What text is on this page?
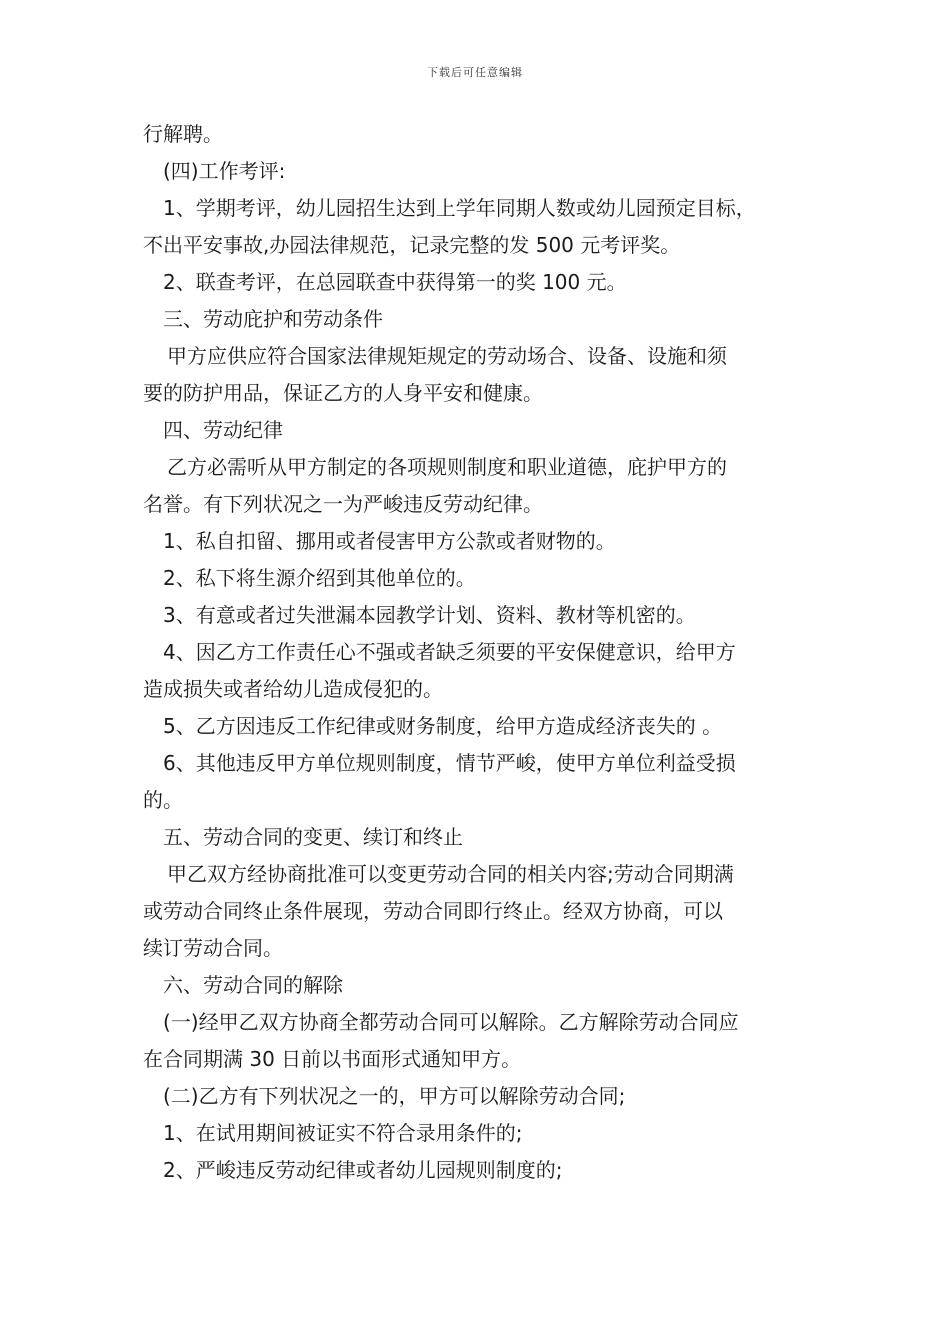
下载后可任意编辑
行解聘。
(四)工作考评:
1、学期考评，幼儿园招生达到上学年同期人数或幼儿园预定目标，
不出平安事故,办园法律规范，记录完整的发 500 元考评奖。
2、联查考评，在总园联查中获得第一的奖 100 元。
三、劳动庇护和劳动条件
甲方应供应符合国家法律规矩规定的劳动场合、设备、设施和须
要的防护用品，保证乙方的人身平安和健康。
四、劳动纪律
乙方必需听从甲方制定的各项规则制度和职业道德，庇护甲方的
名誉。有下列状况之一为严峻违反劳动纪律。
1、私自扣留、挪用或者侵害甲方公款或者财物的。
2、私下将生源介绍到其他单位的。
3、有意或者过失泄漏本园教学计划、资料、教材等机密的。
4、因乙方工作责任心不强或者缺乏须要的平安保健意识，给甲方
造成损失或者给幼儿造成侵犯的。
5、乙方因违反工作纪律或财务制度，给甲方造成经济丧失的 。
6、其他违反甲方单位规则制度，情节严峻，使甲方单位利益受损
的。
五、劳动合同的变更、续订和终止
甲乙双方经协商批准可以变更劳动合同的相关内容;劳动合同期满
或劳动合同终止条件展现，劳动合同即行终止。经双方协商，可以
续订劳动合同。
六、劳动合同的解除
(一)经甲乙双方协商全都劳动合同可以解除。乙方解除劳动合同应
在合同期满 30 日前以书面形式通知甲方。
(二)乙方有下列状况之一的，甲方可以解除劳动合同;
1、在试用期间被证实不符合录用条件的;
2、严峻违反劳动纪律或者幼儿园规则制度的;
